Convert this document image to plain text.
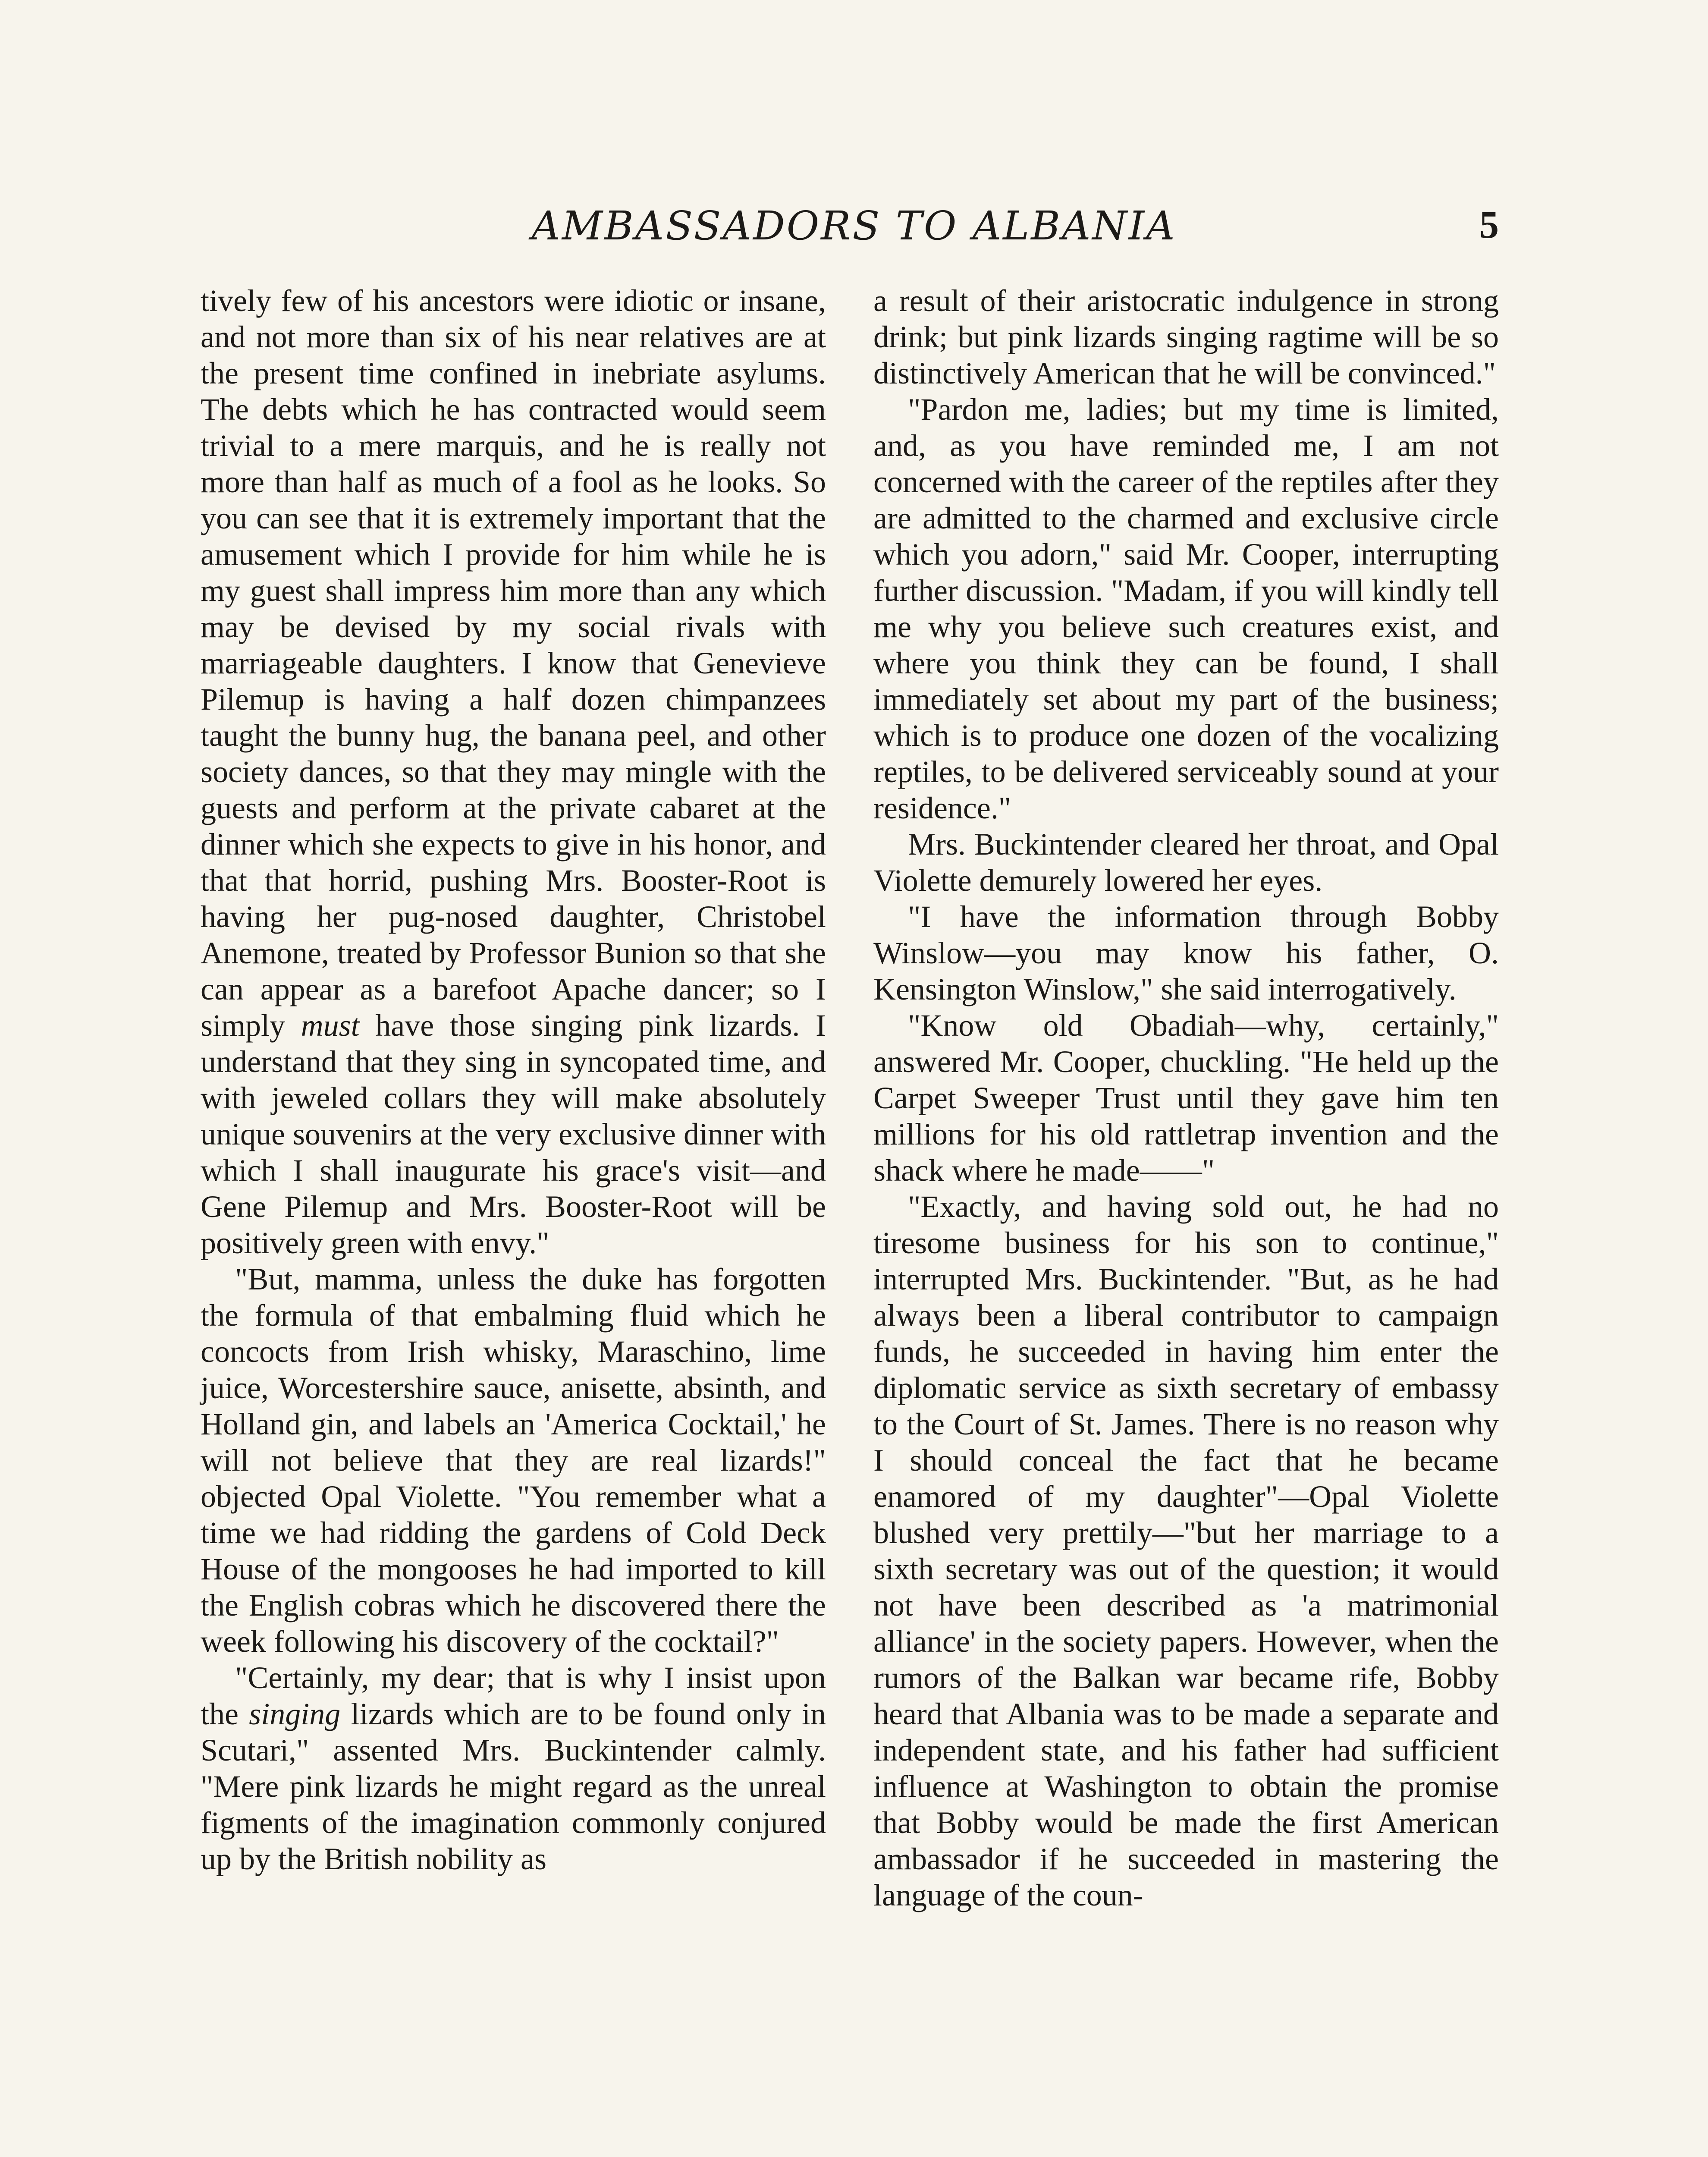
AMBASSADORS TO ALBANIA	5

tively few of his ancestors were idiotic or insane, and not more than six of his near relatives are at the present time confined in inebriate asylums. The debts which he has contracted would seem trivial to a mere marquis, and he is really not more than half as much of a fool as he looks. So you can see that it is extremely important that the amusement which I provide for him while he is my guest shall impress him more than any which may be devised by my social rivals with marriageable daughters. I know that Genevieve Pilemup is having a half dozen chimpanzees taught the bunny hug, the banana peel, and other society dances, so that they may mingle with the guests and perform at the private cabaret at the dinner which she expects to give in his honor, and that that horrid, pushing Mrs. Booster-Root is having her pug-nosed daughter, Christobel Anemone, treated by Professor Bunion so that she can appear as a barefoot Apache dancer; so I simply must have those singing pink lizards. I understand that they sing in syncopated time, and with jeweled collars they will make absolutely unique souvenirs at the very exclusive dinner with which I shall inaugurate his grace's visit—and Gene Pilemup and Mrs. Booster-Root will be positively green with envy."

"But, mamma, unless the duke has forgotten the formula of that embalming fluid which he concocts from Irish whisky, Maraschino, lime juice, Worcestershire sauce, anisette, absinth, and Holland gin, and labels an 'America Cocktail,' he will not believe that they are real lizards!" objected Opal Violette. "You remember what a time we had ridding the gardens of Cold Deck House of the mongooses he had imported to kill the English cobras which he discovered there the week following his discovery of the cocktail?"

"Certainly, my dear; that is why I insist upon the singing lizards which are to be found only in Scutari," assented Mrs. Buckintender calmly. "Mere pink lizards he might regard as the unreal figments of the imagination commonly conjured up by the British nobility as

a result of their aristocratic indulgence in strong drink; but pink lizards singing ragtime will be so distinctively American that he will be convinced."

"Pardon me, ladies; but my time is limited, and, as you have reminded me, I am not concerned with the career of the reptiles after they are admitted to the charmed and exclusive circle which you adorn," said Mr. Cooper, interrupting further discussion. "Madam, if you will kindly tell me why you believe such creatures exist, and where you think they can be found, I shall immediately set about my part of the business; which is to produce one dozen of the vocalizing reptiles, to be delivered serviceably sound at your residence."

Mrs. Buckintender cleared her throat, and Opal Violette demurely lowered her eyes.

"I have the information through Bobby Winslow—you may know his father, O. Kensington Winslow," she said interrogatively.

"Know old Obadiah—why, certainly," answered Mr. Cooper, chuckling. "He held up the Carpet Sweeper Trust until they gave him ten millions for his old rattletrap invention and the shack where he made——"

"Exactly, and having sold out, he had no tiresome business for his son to continue," interrupted Mrs. Buckintender. "But, as he had always been a liberal contributor to campaign funds, he succeeded in having him enter the diplomatic service as sixth secretary of embassy to the Court of St. James. There is no reason why I should conceal the fact that he became enamored of my daughter"—Opal Violette blushed very prettily—"but her marriage to a sixth secretary was out of the question; it would not have been described as 'a matrimonial alliance' in the society papers. However, when the rumors of the Balkan war became rife, Bobby heard that Albania was to be made a separate and independent state, and his father had sufficient influence at Washington to obtain the promise that Bobby would be made the first American ambassador if he succeeded in mastering the language of the coun-
